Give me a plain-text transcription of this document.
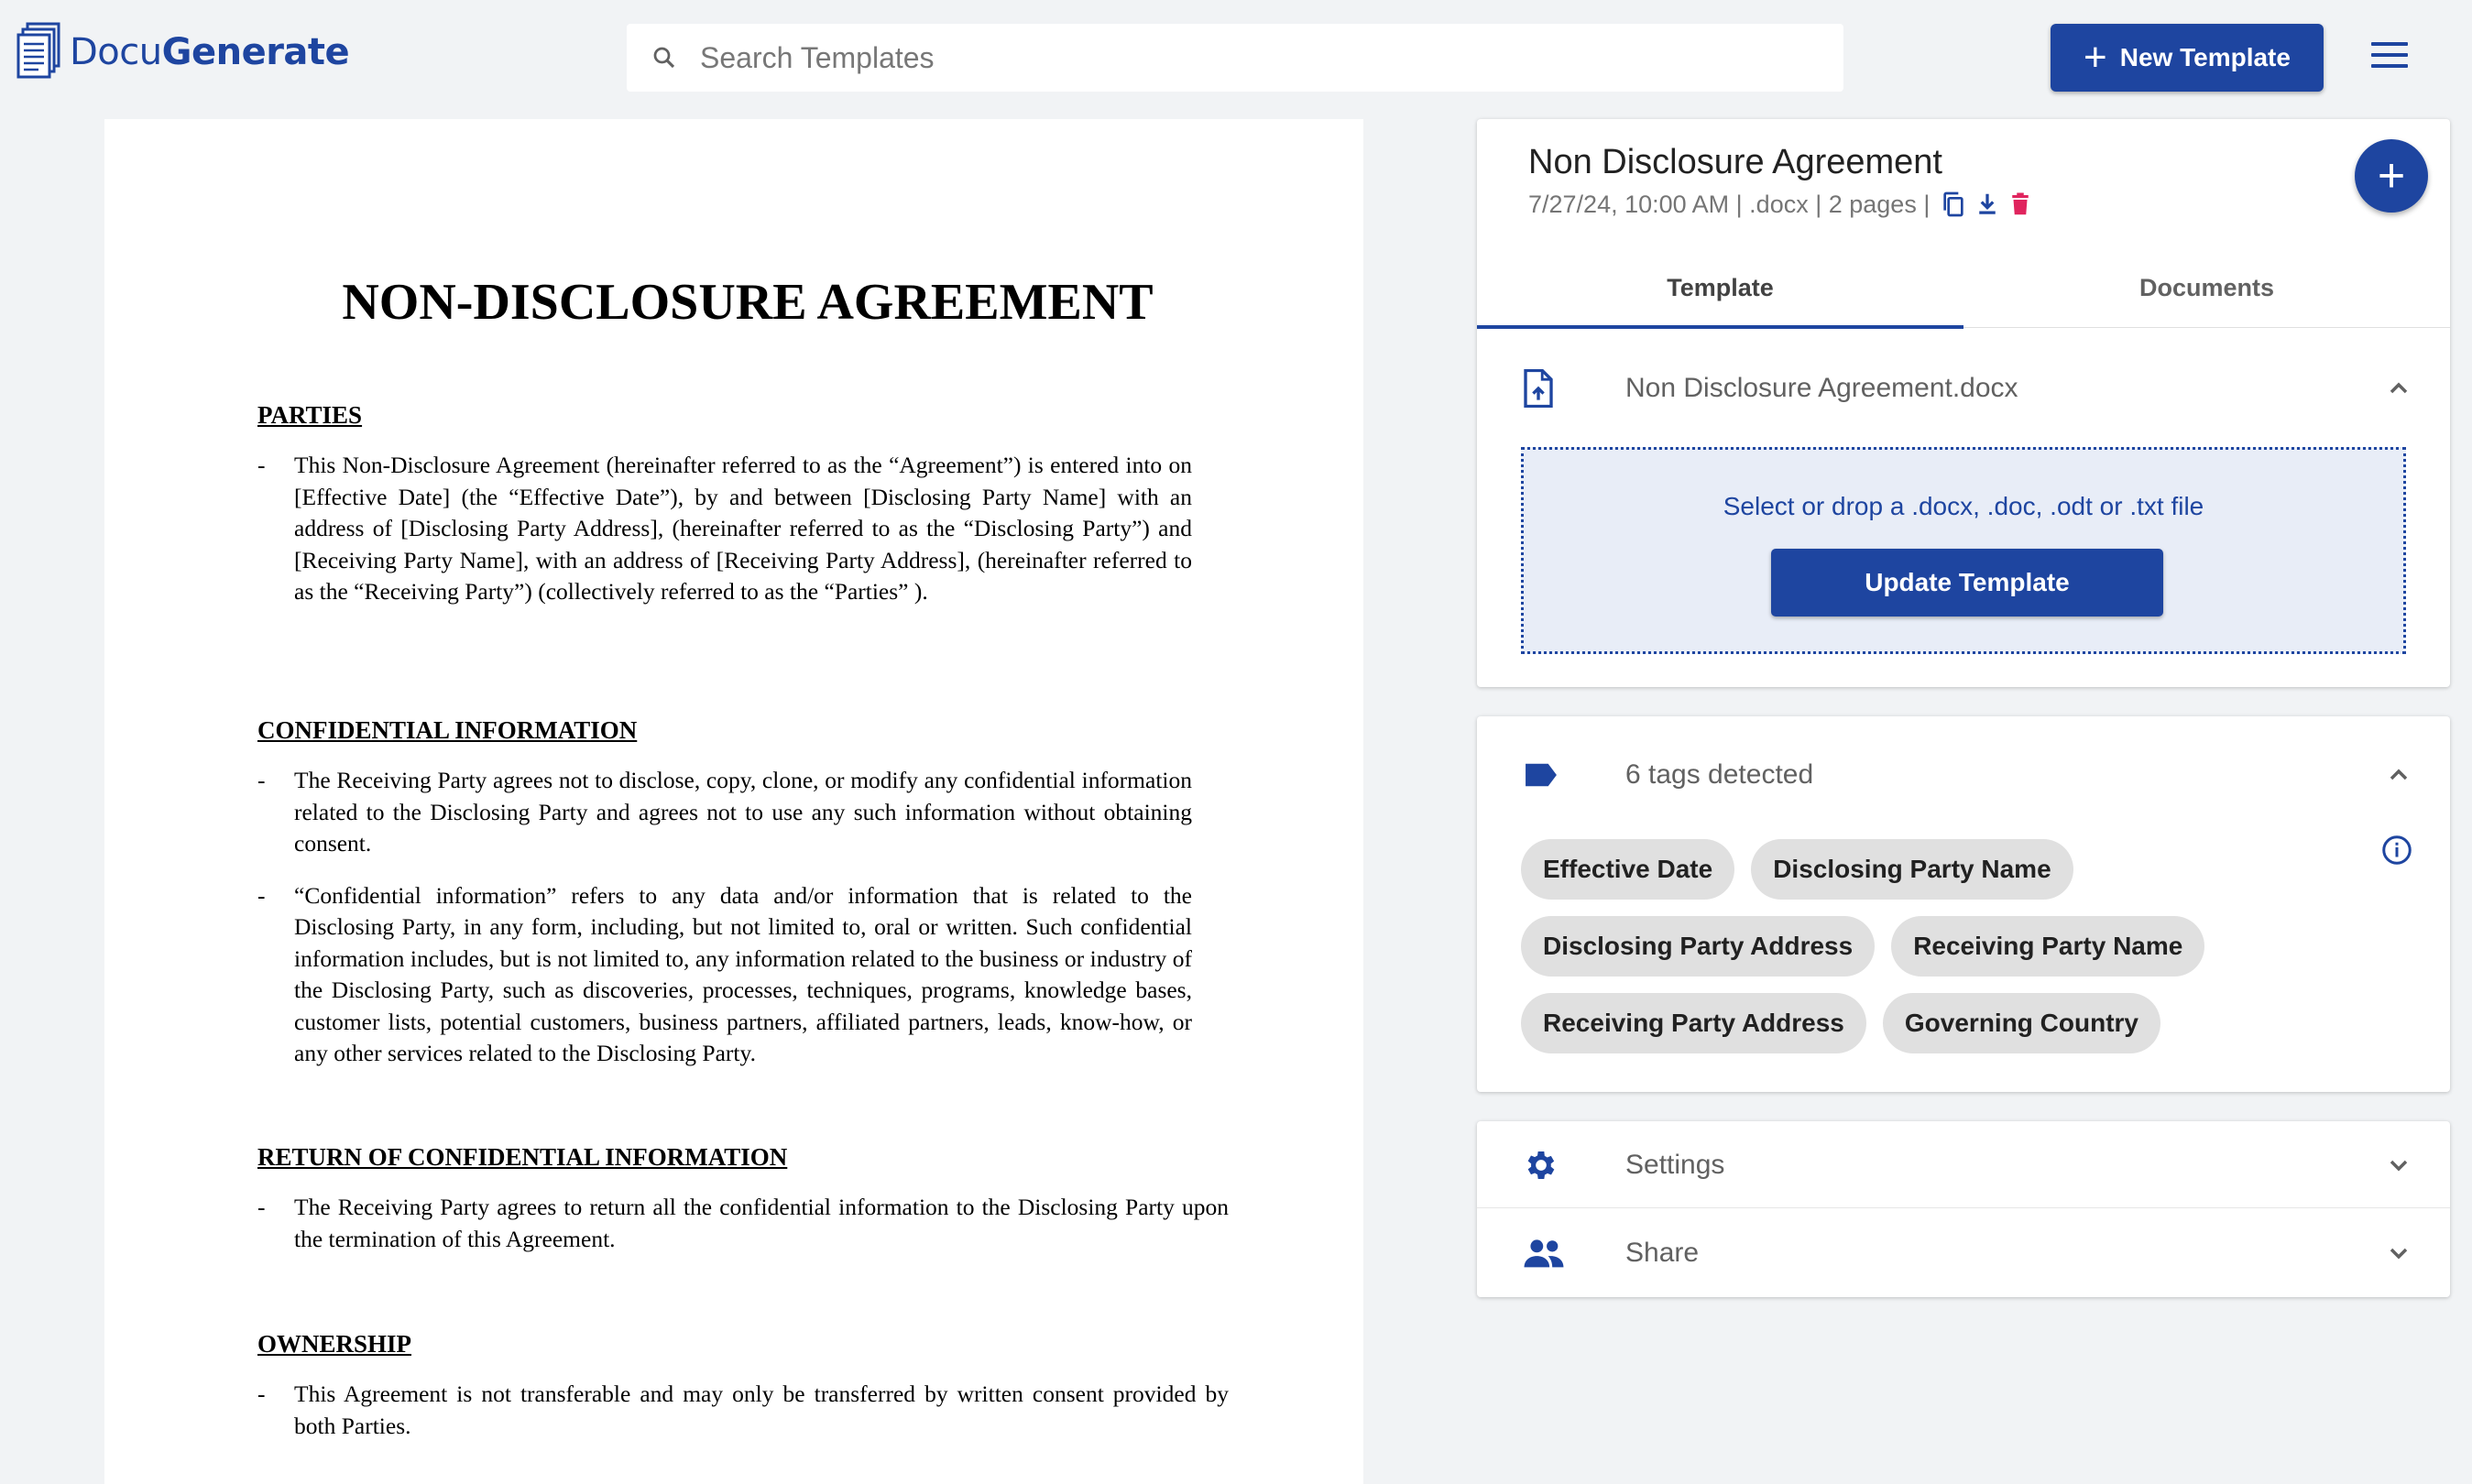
DocuGenerate
Search Templates	+ New Template
NON-DISCLOSURE AGREEMENT
PARTIES
- This Non-Disclosure Agreement (hereinafter referred to as the “Agreement”) is entered into on [Effective Date] (the “Effective Date”), by and between [Disclosing Party Name] with an address of [Disclosing Party Address], (hereinafter referred to as the “Disclosing Party”) and [Receiving Party Name], with an address of [Receiving Party Address], (hereinafter referred to as the “Receiving Party”) (collectively referred to as the “Parties” ).
CONFIDENTIAL INFORMATION
- The Receiving Party agrees not to disclose, copy, clone, or modify any confidential information related to the Disclosing Party and agrees not to use any such information without obtaining consent.
- “Confidential information” refers to any data and/or information that is related to the Disclosing Party, in any form, including, but not limited to, oral or written. Such confidential information includes, but is not limited to, any information related to the business or industry of the Disclosing Party, such as discoveries, processes, techniques, programs, knowledge bases, customer lists, potential customers, business partners, affiliated partners, leads, know-how, or any other services related to the Disclosing Party.
RETURN OF CONFIDENTIAL INFORMATION
- The Receiving Party agrees to return all the confidential information to the Disclosing Party upon the termination of this Agreement.
OWNERSHIP
- This Agreement is not transferable and may only be transferred by written consent provided by both Parties.
Non Disclosure Agreement
7/27/24, 10:00 AM | .docx | 2 pages |
+
Template	Documents
Non Disclosure Agreement.docx
Select or drop a .docx, .doc, .odt or .txt file
Update Template
6 tags detected
Effective Date	Disclosing Party Name
Disclosing Party Address	Receiving Party Name
Receiving Party Address	Governing Country
Settings
Share
